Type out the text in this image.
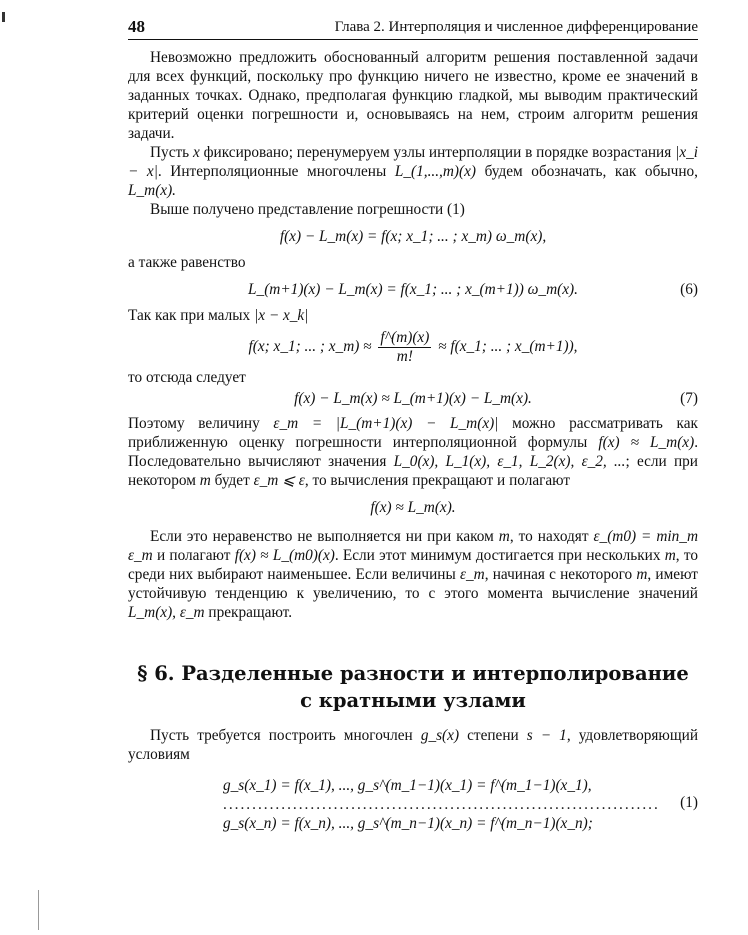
48	Глава 2. Интерполяция и численное дифференцирование

Невозможно предложить обоснованный алгоритм решения поставленной задачи для всех функций, поскольку про функцию ничего не известно, кроме ее значений в заданных точках. Однако, предполагая функцию гладкой, мы выводим практический критерий оценки погрешности и, основываясь на нем, строим алгоритм решения задачи.

Пусть x фиксировано; перенумеруем узлы интерполяции в порядке возрастания |x_i − x|. Интерполяционные многочлены L_(1,...,m)(x) будем обозначать, как обычно, L_m(x).

Выше получено представление погрешности (1)

f(x) − L_m(x) = f(x; x_1; ... ; x_m) ω_m(x),

а также равенство

L_(m+1)(x) − L_m(x) = f(x_1; ... ; x_(m+1)) ω_m(x).	(6)

Так как при малых |x − x_k|

f(x; x_1; ... ; x_m) ≈ $\frac{f\^{}(m)(x)}{m!}$ ≈ f(x_1; ... ; x_(m+1)),

то отсюда следует

f(x) − L_m(x) ≈ L_(m+1)(x) − L_m(x).	(7)

Поэтому величину ε_m = |L_(m+1)(x) − L_m(x)| можно рассматривать как приближенную оценку погрешности интерполяционной формулы f(x) ≈ L_m(x). Последовательно вычисляют значения L_0(x), L_1(x), ε_1, L_2(x), ε_2, ...; если при некотором m будет ε_m ⩽ ε, то вычисления прекращают и полагают

f(x) ≈ L_m(x).

Если это неравенство не выполняется ни при каком m, то находят ε_(m0) = min_m ε_m и полагают f(x) ≈ L_(m0)(x). Если этот минимум достигается при нескольких m, то среди них выбирают наименьшее. Если величины ε_m, начиная с некоторого m, имеют устойчивую тенденцию к увеличению, то с этого момента вычисление значений L_m(x), ε_m прекращают.

§ 6. Разделенные разности и интерполирование
с кратными узлами

Пусть требуется построить многочлен g_s(x) степени s − 1, удовлетворяющий условиям

g_s(x_1) = f(x_1), ..., g_s^(m_1−1)(x_1) = f^(m_1−1)(x_1),
...........................................................................
g_s(x_n) = f(x_n), ..., g_s^(m_n−1)(x_n) = f^(m_n−1)(x_n);
(1)
